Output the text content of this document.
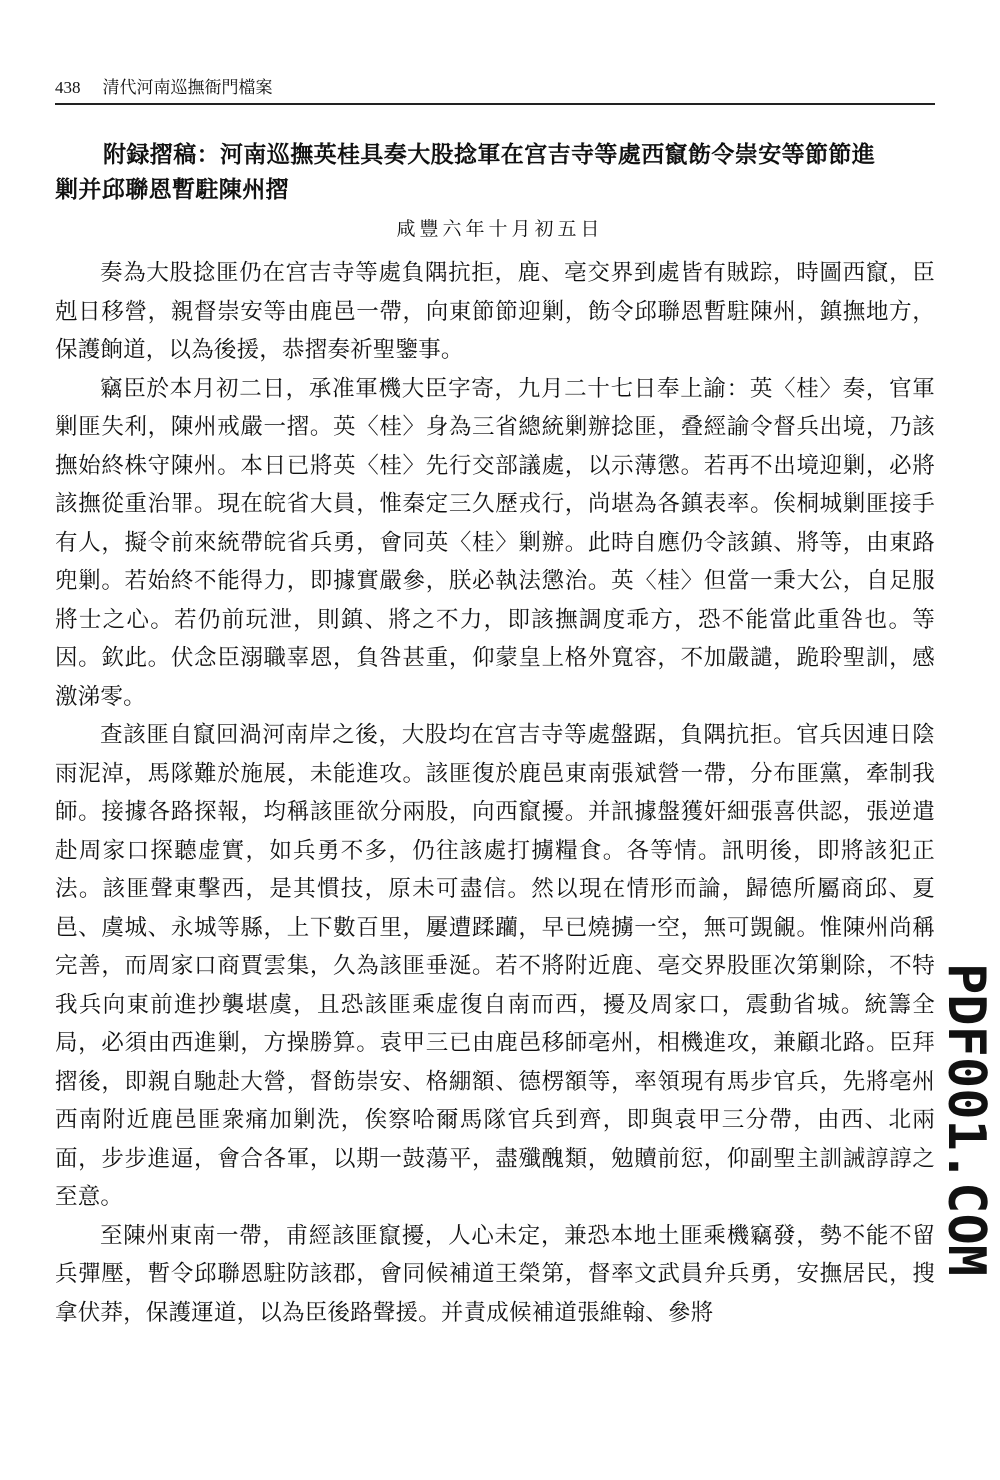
438 清代河南巡撫衙門檔案
附録摺稿：河南巡撫英桂具奏大股捻軍在宫吉寺等處西竄飭令崇安等節節進
剿并邱聯恩暫駐陳州摺
咸豐六年十月初五日

奏為大股捻匪仍在宫吉寺等處負隅抗拒，鹿、亳交界到處皆有賊踪，時圖西竄，臣剋日移營，親督崇安等由鹿邑一帶，向東節節迎剿，飭令邱聯恩暫駐陳州，鎮撫地方，保護餉道，以為後援，恭摺奏祈聖鑒事。

竊臣於本月初二日，承准軍機大臣字寄，九月二十七日奉上諭：英〈桂〉奏，官軍剿匪失利，陳州戒嚴一摺。英〈桂〉身為三省總統剿辦捻匪，叠經諭令督兵出境，乃該撫始終株守陳州。本日已將英〈桂〉先行交部議處，以示薄懲。若再不出境迎剿，必將該撫從重治罪。現在皖省大員，惟秦定三久歷戎行，尚堪為各鎮表率。俟桐城剿匪接手有人，擬令前來統帶皖省兵勇，會同英〈桂〉剿辦。此時自應仍令該鎮、將等，由東路兜剿。若始終不能得力，即據實嚴參，朕必執法懲治。英〈桂〉但當一秉大公，自足服將士之心。若仍前玩泄，則鎮、將之不力，即該撫調度乖方，恐不能當此重咎也。等因。欽此。伏念臣溺職辜恩，負咎甚重，仰蒙皇上格外寬容，不加嚴譴，跪聆聖訓，感激涕零。

查該匪自竄回渦河南岸之後，大股均在宫吉寺等處盤踞，負隅抗拒。官兵因連日陰雨泥淖，馬隊難於施展，未能進攻。該匪復於鹿邑東南張斌營一帶，分布匪黨，牽制我師。接據各路探報，均稱該匪欲分兩股，向西竄擾。并訊據盤獲奸細張喜供認，張逆遣赴周家口探聽虚實，如兵勇不多，仍往該處打擄糧食。各等情。訊明後，即將該犯正法。該匪聲東擊西，是其慣技，原未可盡信。然以現在情形而論，歸德所屬商邱、夏邑、虞城、永城等縣，上下數百里，屢遭蹂躪，早已燒擄一空，無可覬覦。惟陳州尚稱完善，而周家口商賈雲集，久為該匪垂涎。若不將附近鹿、亳交界股匪次第剿除，不特我兵向東前進抄襲堪虞，且恐該匪乘虚復自南而西，擾及周家口，震動省城。統籌全局，必須由西進剿，方操勝算。袁甲三已由鹿邑移師亳州，相機進攻，兼顧北路。臣拜摺後，即親自馳赴大營，督飭崇安、格綳額、德楞額等，率領現有馬步官兵，先將亳州西南附近鹿邑匪衆痛加剿洗，俟察哈爾馬隊官兵到齊，即與袁甲三分帶，由西、北兩面，步步進逼，會合各軍，以期一鼓蕩平，盡殲醜類，勉贖前愆，仰副聖主訓誡諄諄之至意。

至陳州東南一帶，甫經該匪竄擾，人心未定，兼恐本地土匪乘機竊發，勢不能不留兵彈壓，暫令邱聯恩駐防該郡，會同候補道王榮第，督率文武員弁兵勇，安撫居民，搜拿伏莽，保護運道，以為臣後路聲援。并責成候補道張維翰、參將

PDF001.COM
